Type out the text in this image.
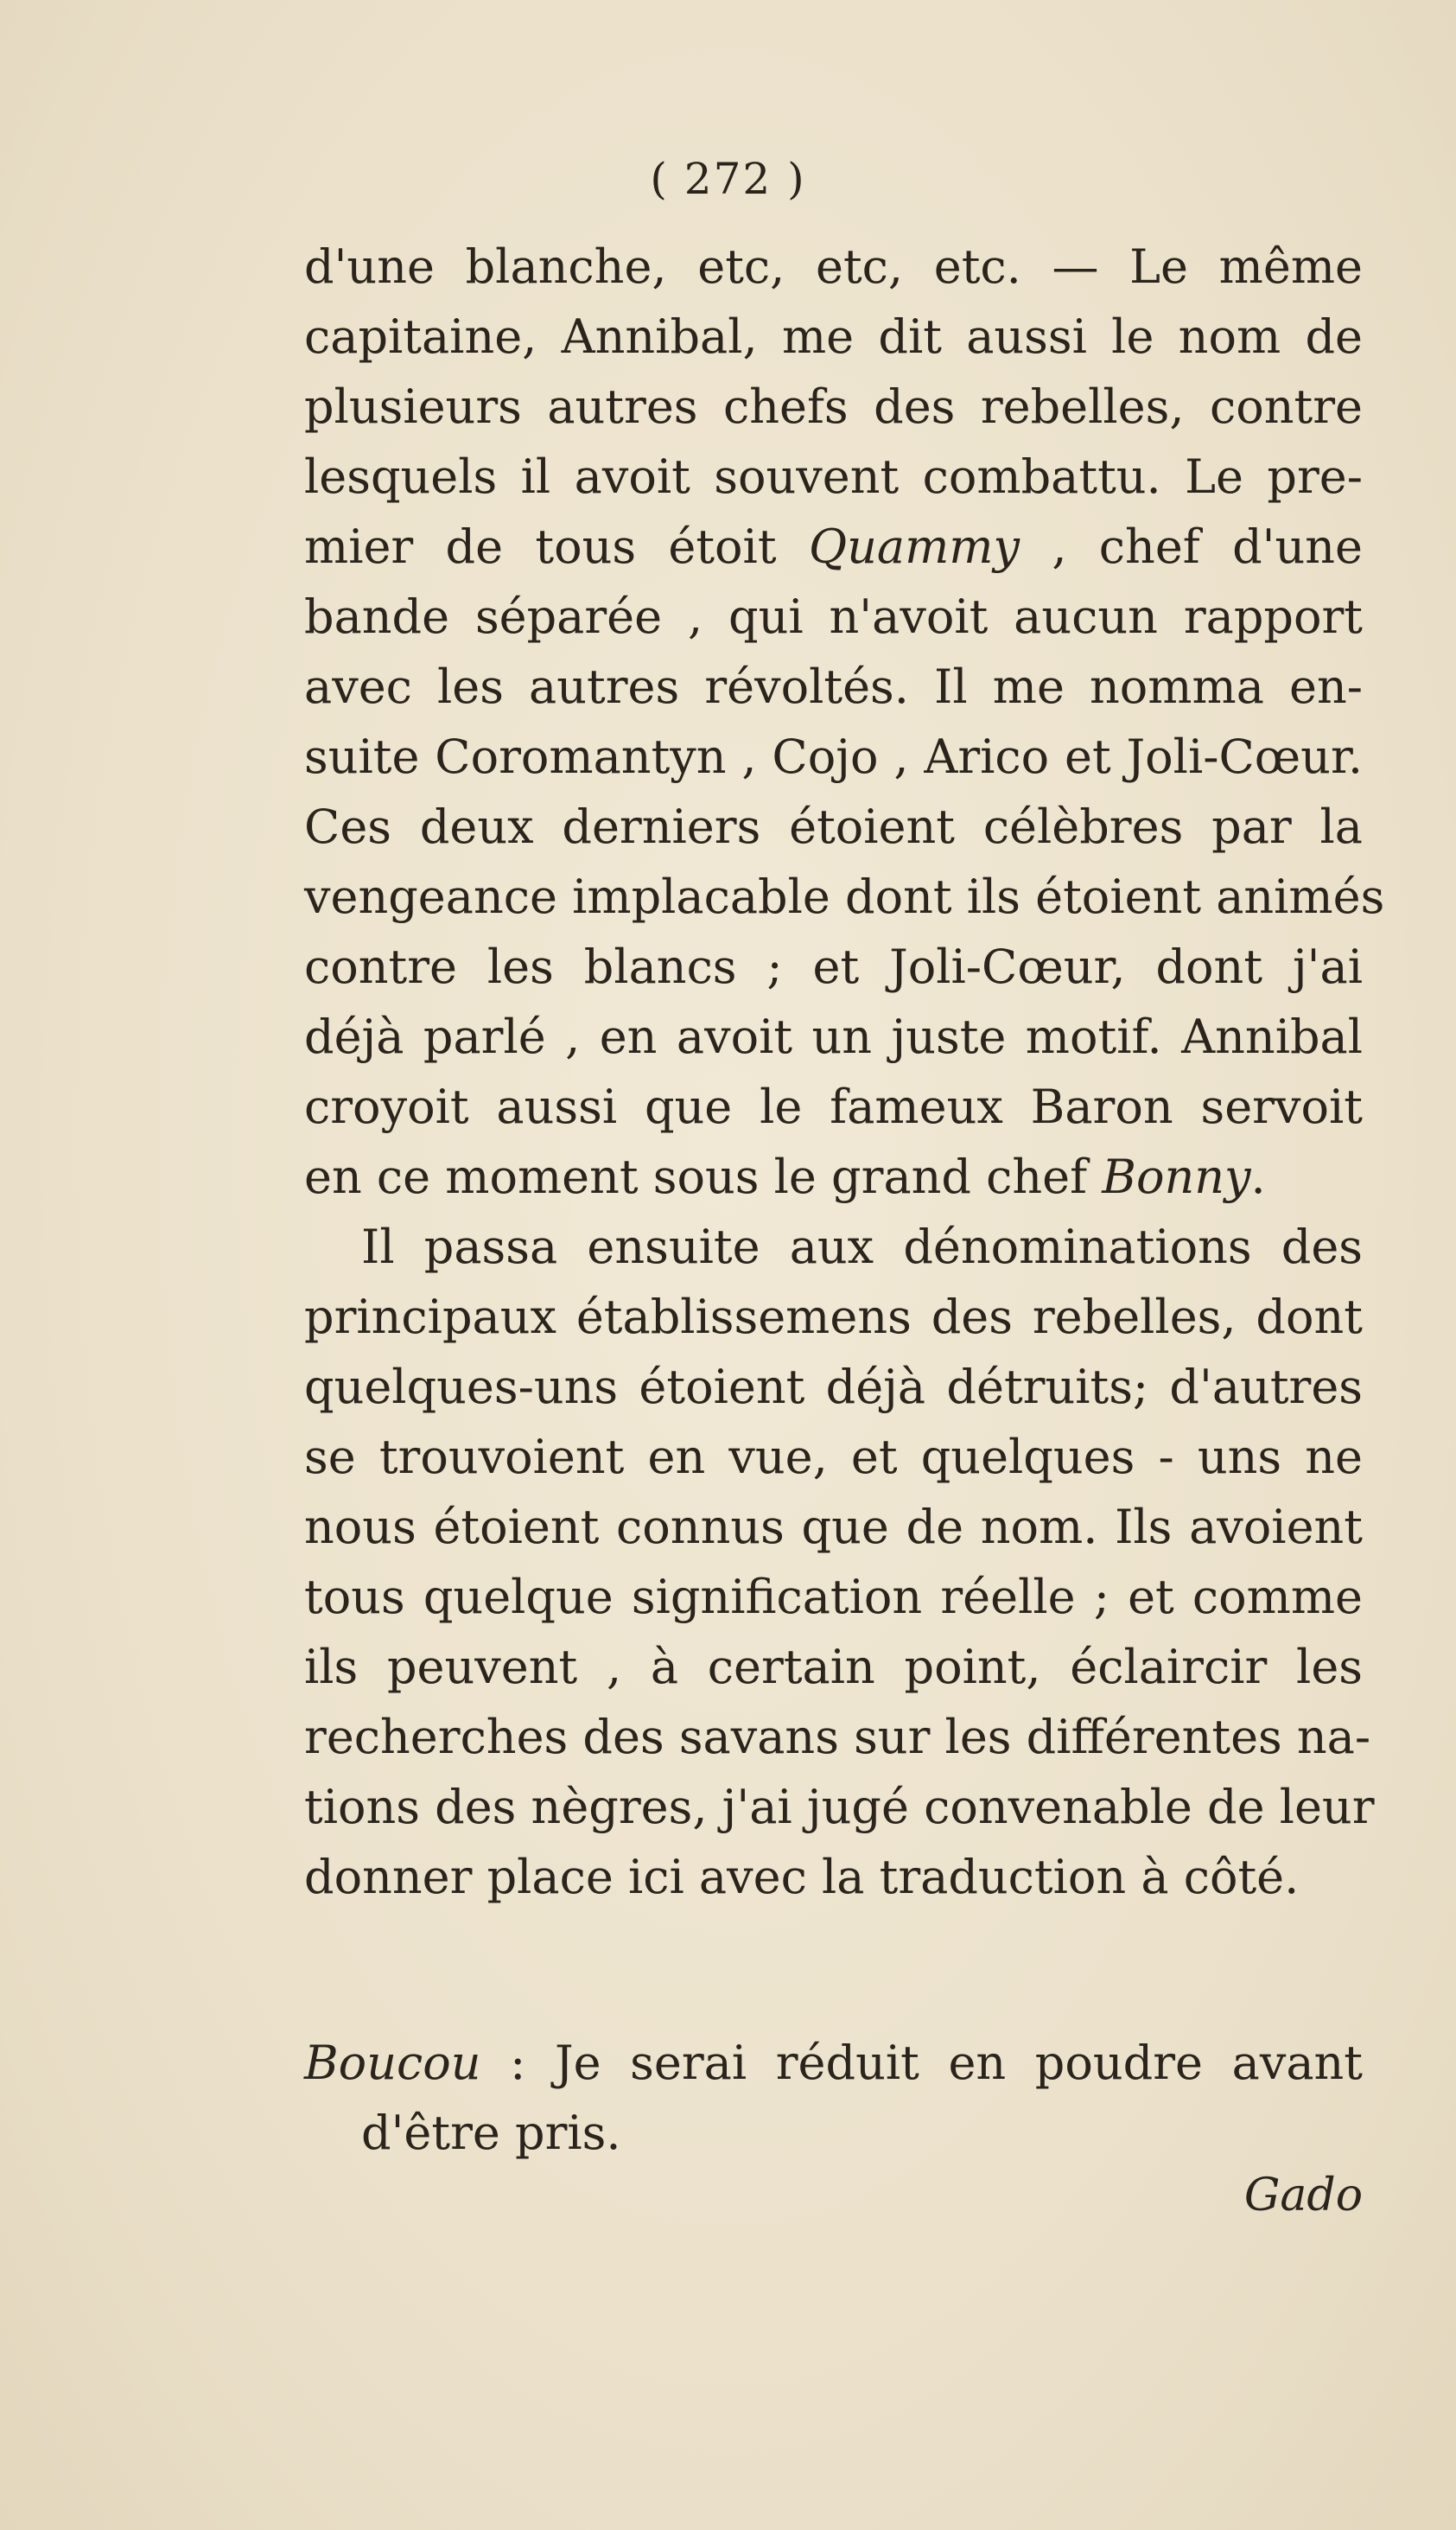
( 272 )
d'une blanche, etc, etc, etc. — Le même
capitaine, Annibal, me dit aussi le nom de
plusieurs autres chefs des rebelles, contre
lesquels il avoit souvent combattu. Le pre-
mier de tous étoit Quammy , chef d'une
bande séparée , qui n'avoit aucun rapport
avec les autres révoltés. Il me nomma en-
suite Coromantyn , Cojo , Arico et Joli-Cœur.
Ces deux derniers étoient célèbres par la
vengeance implacable dont ils étoient animés
contre les blancs ; et Joli-Cœur, dont j'ai
déjà parlé , en avoit un juste motif. Annibal
croyoit aussi que le fameux Baron servoit
en ce moment sous le grand chef Bonny.
Il passa ensuite aux dénominations des
principaux établissemens des rebelles, dont
quelques-uns étoient déjà détruits; d'autres
se trouvoient en vue, et quelques - uns ne
nous étoient connus que de nom. Ils avoient
tous quelque signification réelle ; et comme
ils peuvent , à certain point, éclaircir les
recherches des savans sur les différentes na-
tions des nègres, j'ai jugé convenable de leur
donner place ici avec la traduction à côté.
Boucou : Je serai réduit en poudre avant
d'être pris.
Gado
